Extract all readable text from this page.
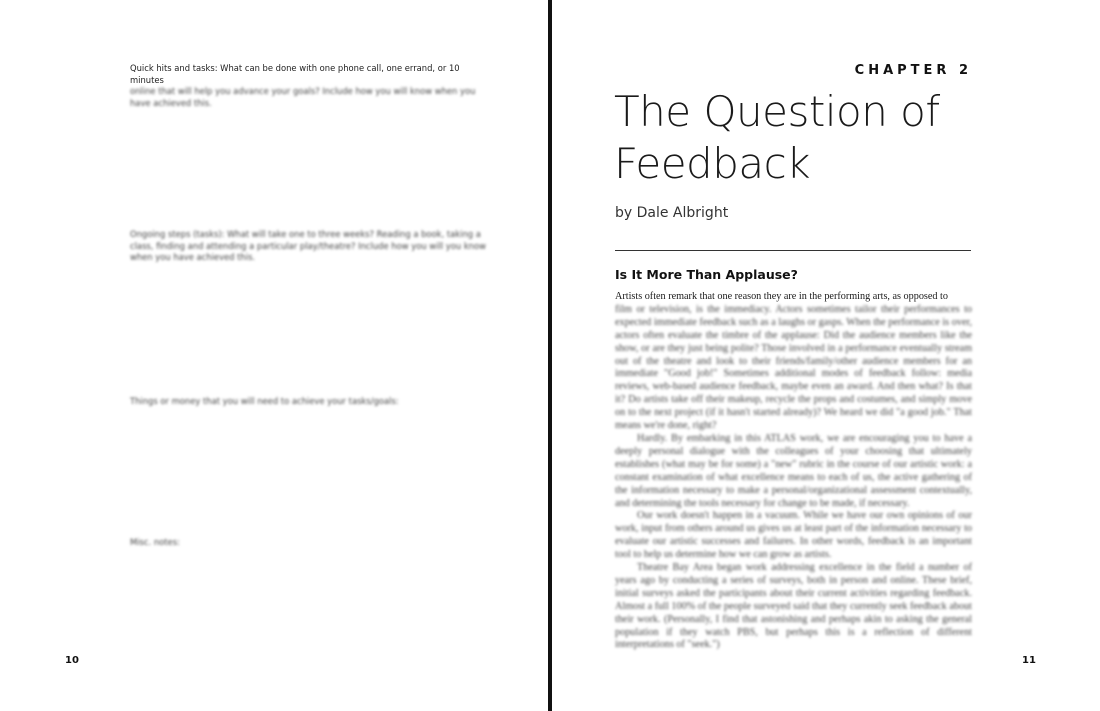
Quick hits and tasks: What can be done with one phone call, one errand, or 10 minutes
online that will help you advance your goals? Include how you will know when you have achieved this.
Ongoing steps (tasks): What will take one to three weeks? Reading a book, taking a class, finding and attending a particular play/theatre? Include how you will you know when you have achieved this.
Things or money that you will need to achieve your tasks/goals:
Misc. notes:
10
CHAPTER 2
The Question of Feedback
by Dale Albright
Is It More Than Applause?

Artists often remark that one reason they are in the performing arts, as opposed to
film or television, is the immediacy. Actors sometimes tailor their performances to expected immediate feedback such as a laughs or gasps. When the performance is over, actors often evaluate the timbre of the applause: Did the audience members like the show, or are they just being polite? Those involved in a performance eventually stream out of the theatre and look to their friends/family/other audience members for an immediate "Good job!" Sometimes additional modes of feedback follow: media reviews, web-based audience feedback, maybe even an award. And then what? Is that it? Do artists take off their makeup, recycle the props and costumes, and simply move on to the next project (if it hasn't started already)? We heard we did "a good job." That means we're done, right?

Hardly. By embarking in this ATLAS work, we are encouraging you to have a deeply personal dialogue with the colleagues of your choosing that ultimately establishes (what may be for some) a "new" rubric in the course of our artistic work: a constant examination of what excellence means to each of us, the active gathering of the information necessary to make a personal/organizational assessment contextually, and determining the tools necessary for change to be made, if necessary.

Our work doesn't happen in a vacuum. While we have our own opinions of our work, input from others around us gives us at least part of the information necessary to evaluate our artistic successes and failures. In other words, feedback is an important tool to help us determine how we can grow as artists.

Theatre Bay Area began work addressing excellence in the field a number of years ago by conducting a series of surveys, both in person and online. These brief, initial surveys asked the participants about their current activities regarding feedback. Almost a full 100% of the people surveyed said that they currently seek feedback about their work. (Personally, I find that astonishing and perhaps akin to asking the general population if they watch PBS, but perhaps this is a reflection of different interpretations of "seek.")

11
